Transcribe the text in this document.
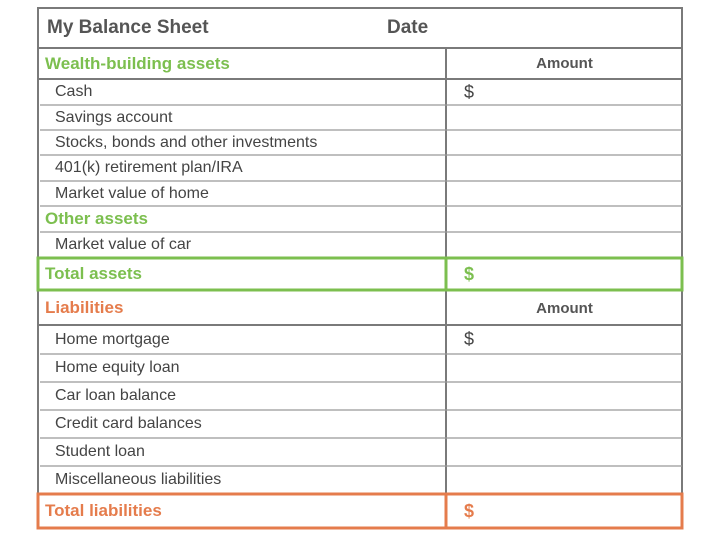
My Balance Sheet	Date
Wealth-building assets	Amount
Cash	$
Savings account
Stocks, bonds and other investments
401(k) retirement plan/IRA
Market value of home
Other assets
Market value of car
Total assets	$
Liabilities	Amount
Home mortgage	$
Home equity loan
Car loan balance
Credit card balances
Student loan
Miscellaneous liabilities
Total liabilities	$
